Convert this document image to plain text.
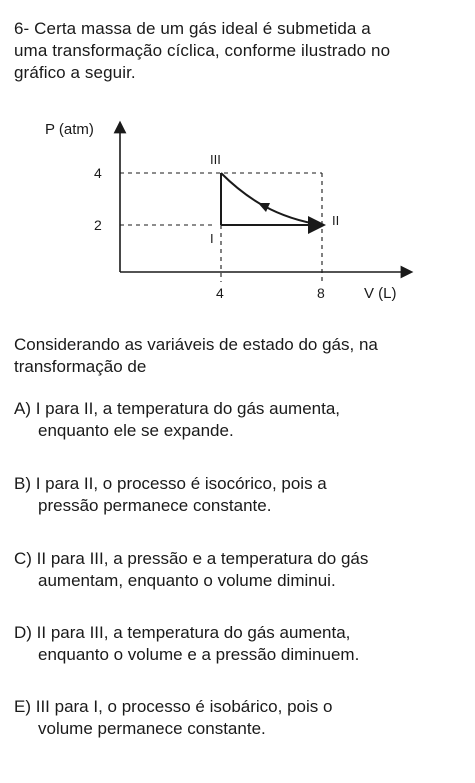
6- Certa massa de um gás ideal é submetida a
uma transformação cíclica, conforme ilustrado no
gráfico a seguir.
P (atm)
4
2
III
II
I
4	8	V (L)
Considerando as variáveis de estado do gás, na
transformação de
A) I para II, a temperatura do gás aumenta,
enquanto ele se expande.
B) I para II, o processo é isocórico, pois a
pressão permanece constante.
C) II para III, a pressão e a temperatura do gás
aumentam, enquanto o volume diminui.
D) II para III, a temperatura do gás aumenta,
enquanto o volume e a pressão diminuem.
E) III para I, o processo é isobárico, pois o
volume permanece constante.
